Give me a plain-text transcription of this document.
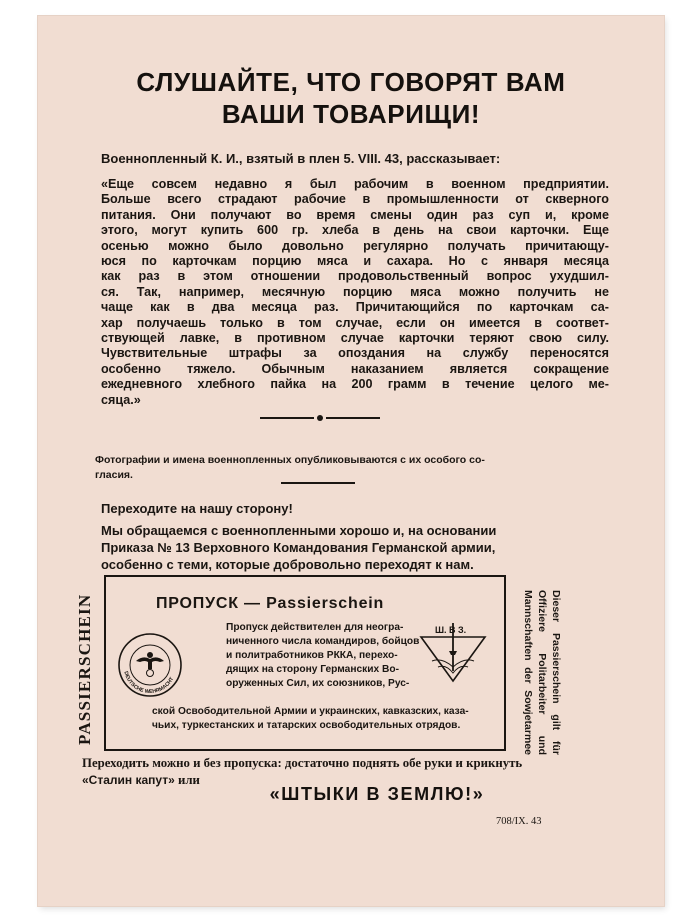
СЛУШАЙТЕ, ЧТО ГОВОРЯТ ВАМ
ВАШИ ТОВАРИЩИ!
Военнопленный К. И., взятый в плен 5. VIII. 43, рассказывает:
«Еще совсем недавно я был рабочим в военном предприятии.
Больше всего страдают рабочие в промышленности от скверного
питания. Они получают во время смены один раз суп и, кроме
этого, могут купить 600 гр. хлеба в день на свои карточки. Еще
осенью можно было довольно регулярно получать причитающу-
юся по карточкам порцию мяса и сахара. Но с января месяца
как раз в этом отношении продовольственный вопрос ухудшил-
ся. Так, например, месячную порцию мяса можно получить не
чаще как в два месяца раз. Причитающийся по карточкам са-
хар получаешь только в том случае, если он имеется в соответ-
ствующей лавке, в противном случае карточки теряют свою силу.
Чувствительные штрафы за опоздания на службу переносятся
особенно тяжело. Обычным наказанием является сокращение
ежедневного хлебного пайка на 200 грамм в течение целого ме-
сяца.»
Фотографии и имена военнопленных опубликовываются с их особого со-
гласия.
Переходите на нашу сторону!
Мы обращаемся с военнопленными хорошо и, на основании
Приказа № 13 Верховного Командования Германской армии,
особенно с теми, которые добровольно переходят к нам.
PASSIERSCHEIN	ПРОПУСК — Passierschein
DEUTSCHE WEHRMACHT
Пропуск действителен для неогра-
ниченного числа командиров, бойцов
и политработников РККА, перехо-
дящих на сторону Германских Во-
оруженных Сил, их союзников, Рус-
Ш. В З.
ской Освободительной Армии и украинских, кавказских, каза-
чьих, туркестанских и татарских освободительных отрядов.	Dieser Passierschein gilt für
Offiziere Politarbeiter und
Mannschaften der Sowjetarmee
Переходить можно и без пропуска: достаточно поднять обе руки и крикнуть
«Сталин капут» или
«ШТЫКИ В ЗЕМЛЮ!»
708/IX. 43
